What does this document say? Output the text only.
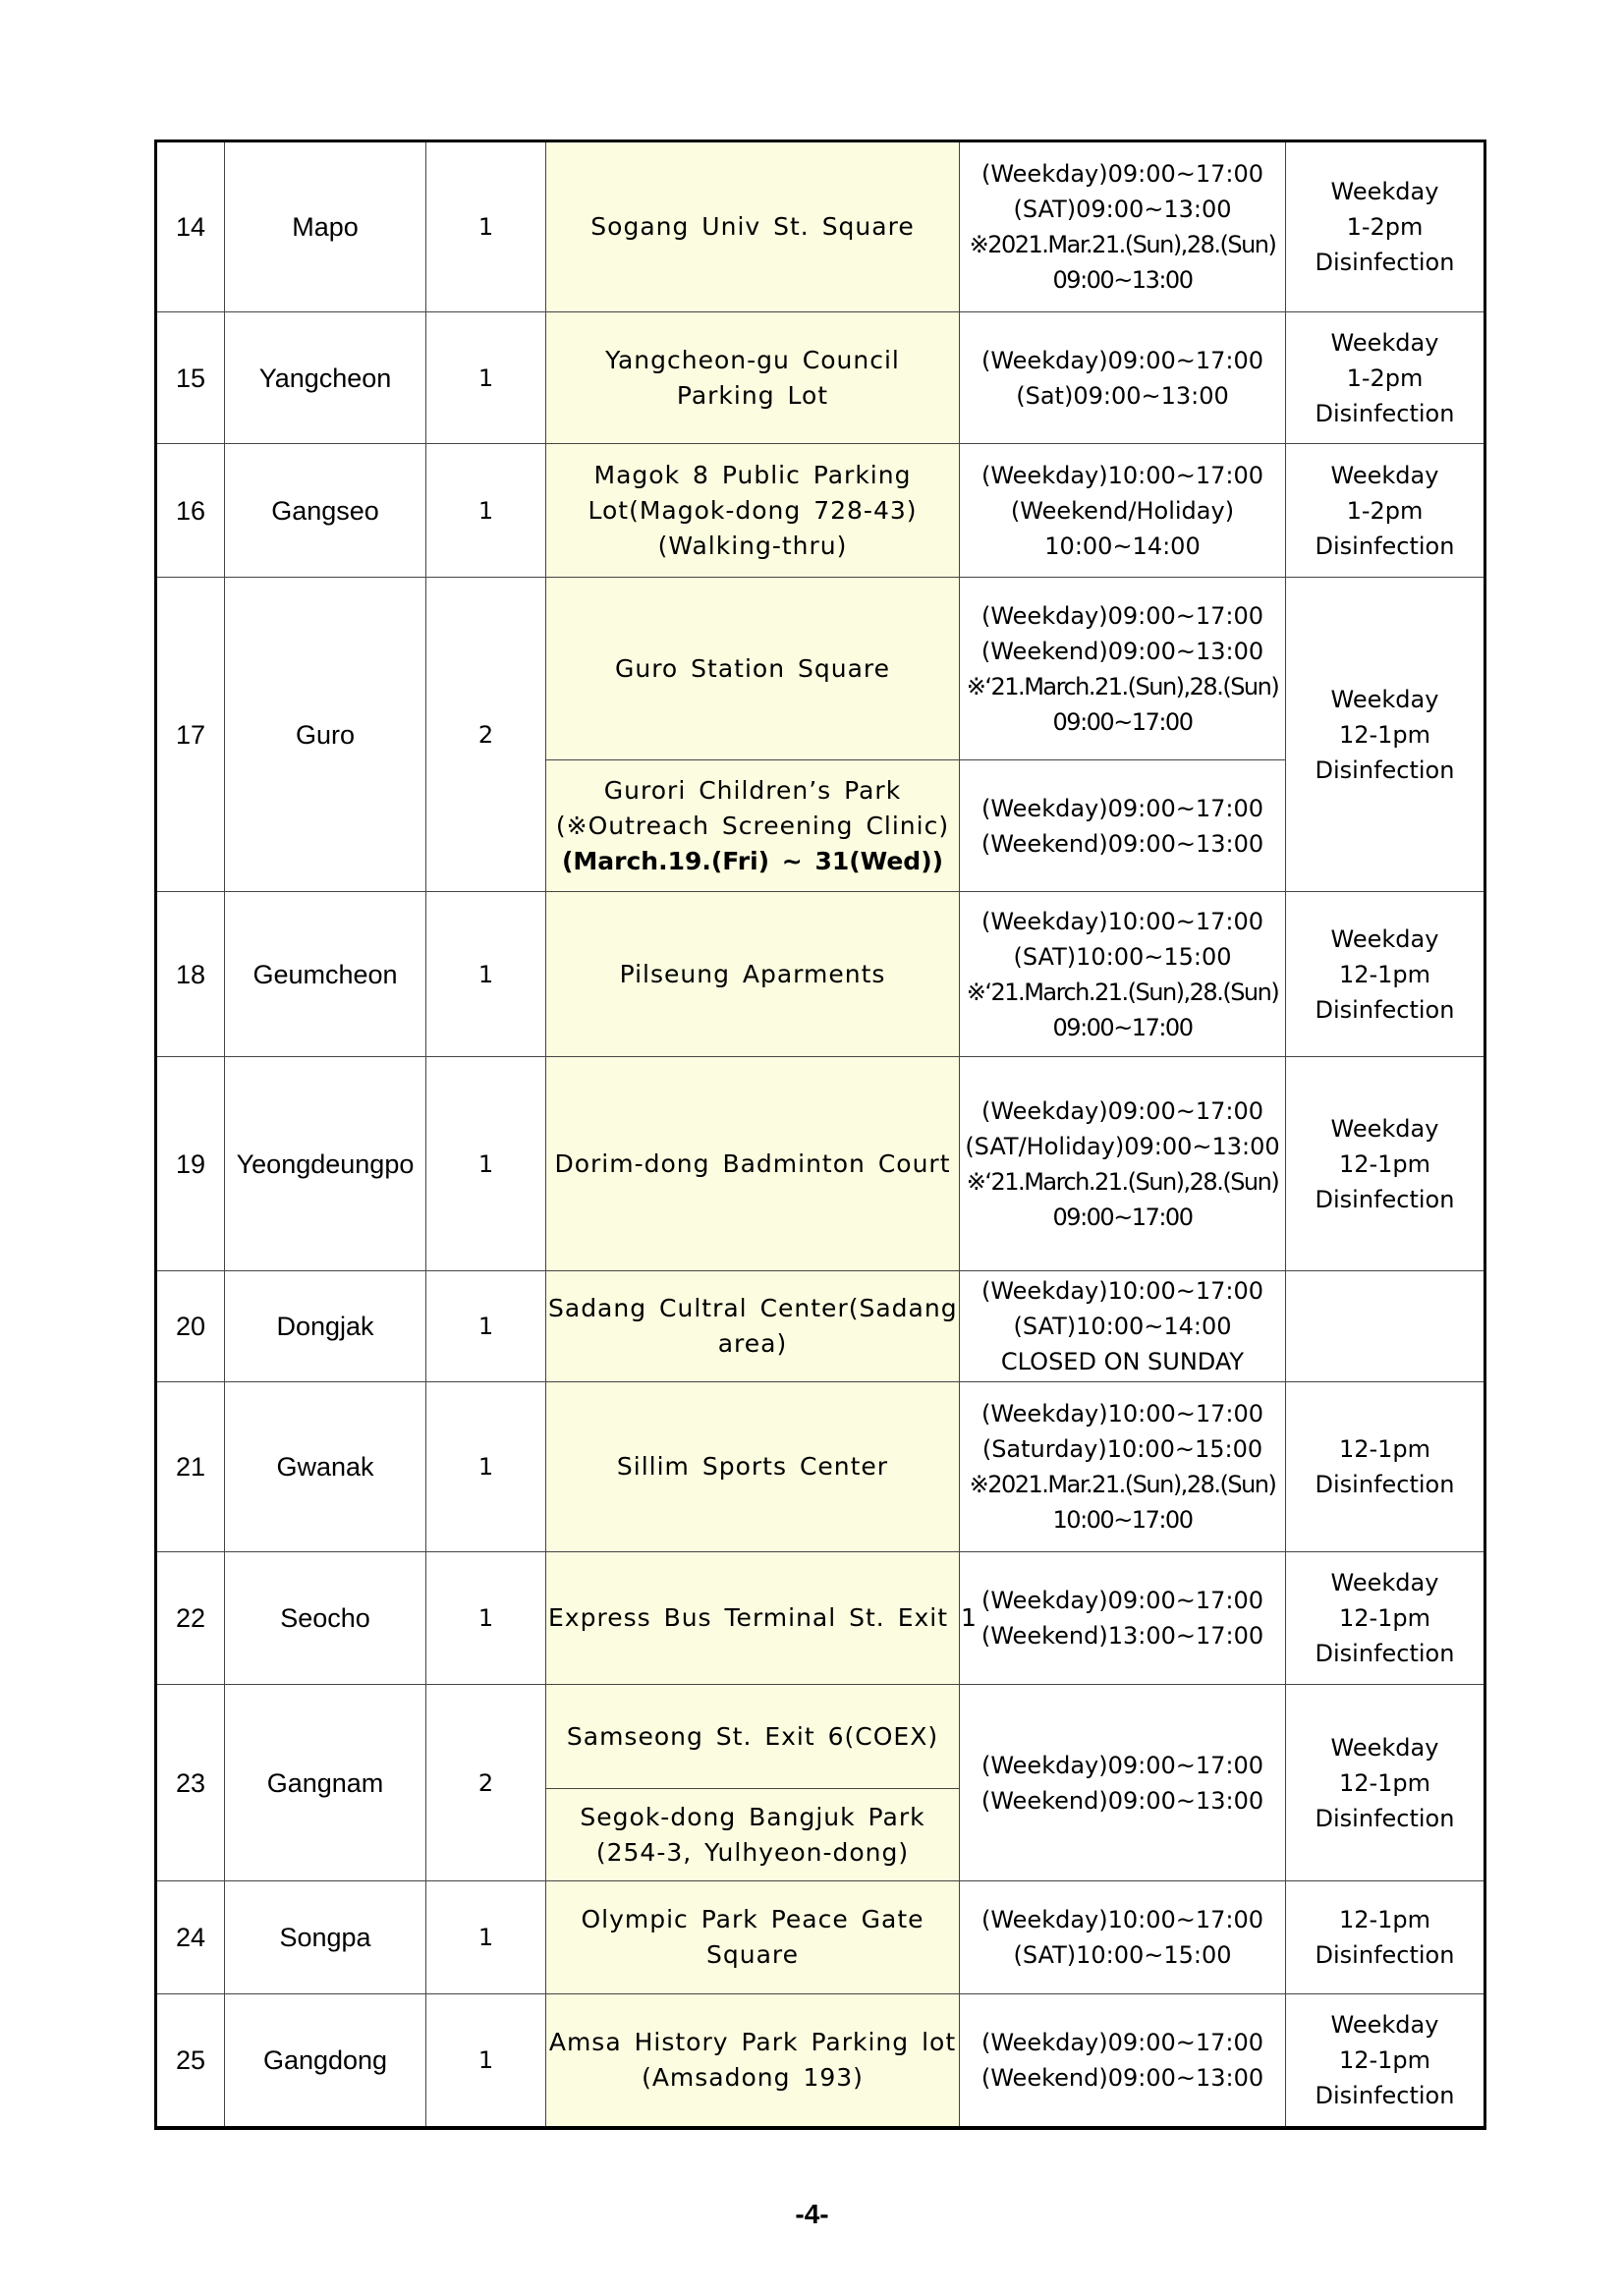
14	Mapo	1	Sogang Univ St. Square	(Weekday)09:00~17:00
(SAT)09:00~13:00
※2021.Mar.21.(Sun),28.(Sun)
09:00~13:00	Weekday
1-2pm
Disinfection

15	Yangcheon	1	Yangcheon-gu Council
Parking Lot	(Weekday)09:00~17:00
(Sat)09:00~13:00	Weekday
1-2pm
Disinfection

16	Gangseo	1	Magok 8 Public Parking
Lot(Magok-dong 728-43)
(Walking-thru)	(Weekday)10:00~17:00
(Weekend/Holiday)
10:00~14:00	Weekday
1-2pm
Disinfection

17	Guro	2	Guro Station Square	(Weekday)09:00~17:00
(Weekend)09:00~13:00
※‘21.March.21.(Sun),28.(Sun)
09:00~17:00	Weekday
12-1pm
Disinfection

			Gurori Children’s Park
(※Outreach Screening Clinic)
(March.19.(Fri) ~ 31(Wed))	(Weekday)09:00~17:00
(Weekend)09:00~13:00	

18	Geumcheon	1	Pilseung Aparments	(Weekday)10:00~17:00
(SAT)10:00~15:00
※‘21.March.21.(Sun),28.(Sun)
09:00~17:00	Weekday
12-1pm
Disinfection

19	Yeongdeungpo	1	Dorim-dong Badminton Court	(Weekday)09:00~17:00
(SAT/Holiday)09:00~13:00
※‘21.March.21.(Sun),28.(Sun)
09:00~17:00	Weekday
12-1pm
Disinfection

20	Dongjak	1	Sadang Cultral Center(Sadang
area)	(Weekday)10:00~17:00
(SAT)10:00~14:00
CLOSED ON SUNDAY	

21	Gwanak	1	Sillim Sports Center	(Weekday)10:00~17:00
(Saturday)10:00~15:00
※2021.Mar.21.(Sun),28.(Sun)
10:00~17:00	12-1pm
Disinfection

22	Seocho	1	Express Bus Terminal St. Exit 1	(Weekday)09:00~17:00
(Weekend)13:00~17:00	Weekday
12-1pm
Disinfection

23	Gangnam	2	Samseong St. Exit 6(COEX)	(Weekday)09:00~17:00
(Weekend)09:00~13:00	Weekday
12-1pm
Disinfection

			Segok-dong Bangjuk Park
(254-3, Yulhyeon-dong)		

24	Songpa	1	Olympic Park Peace Gate
Square	(Weekday)10:00~17:00
(SAT)10:00~15:00	12-1pm
Disinfection

25	Gangdong	1	Amsa History Park Parking lot
(Amsadong 193)	(Weekday)09:00~17:00
(Weekend)09:00~13:00	Weekday
12-1pm
Disinfection
-4-
